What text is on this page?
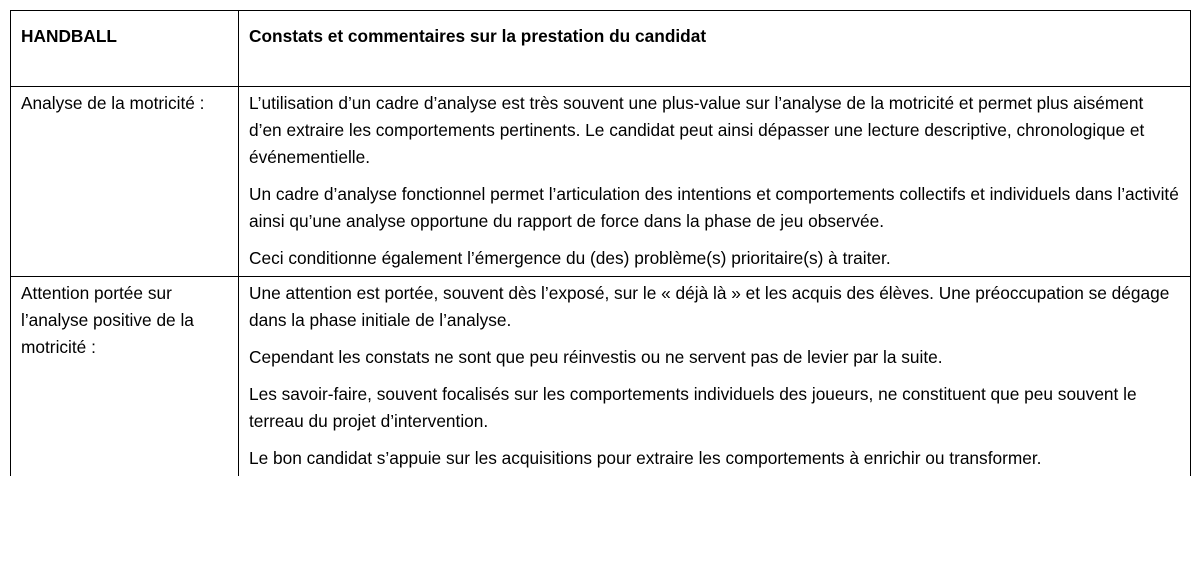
HANDBALL	Constats et commentaires sur la prestation du candidat
Analyse de la motricité :	L’utilisation d’un cadre d’analyse est très souvent une plus-value sur l’analyse de la motricité et permet plus aisément d’en extraire les comportements pertinents. Le candidat peut ainsi dépasser une lecture descriptive, chronologique et événementielle.

Un cadre d’analyse fonctionnel permet l’articulation des intentions et comportements collectifs et individuels dans l’activité ainsi qu’une analyse opportune du rapport de force dans la phase de jeu observée.

Ceci conditionne également l’émergence du (des) problème(s) prioritaire(s) à traiter.

Attention portée sur l’analyse positive de la motricité :	Une attention est portée, souvent dès l’exposé, sur le « déjà là » et les acquis des élèves. Une préoccupation se dégage dans la phase initiale de l’analyse.

Cependant les constats ne sont que peu réinvestis ou ne servent pas de levier par la suite.

Les savoir-faire, souvent focalisés sur les comportements individuels des joueurs, ne constituent que peu souvent le terreau du projet d’intervention.

Le bon candidat s’appuie sur les acquisitions pour extraire les comportements à enrichir ou transformer.
